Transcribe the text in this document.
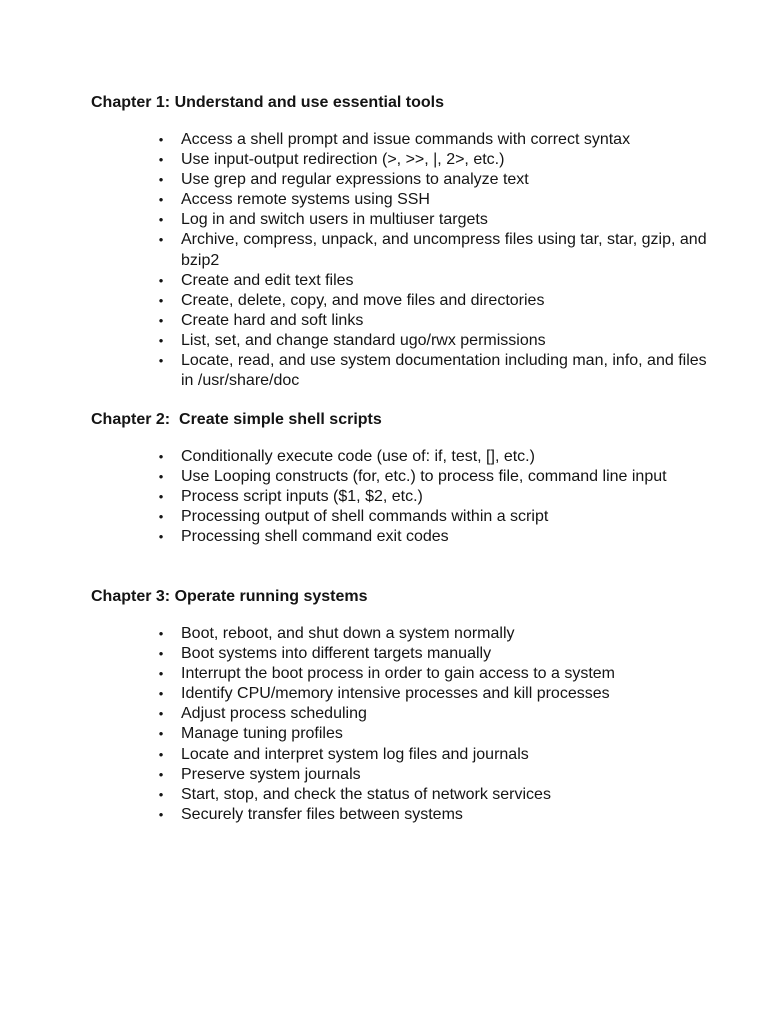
Chapter 1: Understand and use essential tools
• Access a shell prompt and issue commands with correct syntax
• Use input-output redirection (>, >>, |, 2>, etc.)
• Use grep and regular expressions to analyze text
• Access remote systems using SSH
• Log in and switch users in multiuser targets
• Archive, compress, unpack, and uncompress files using tar, star, gzip, and bzip2
• Create and edit text files
• Create, delete, copy, and move files and directories
• Create hard and soft links
• List, set, and change standard ugo/rwx permissions
• Locate, read, and use system documentation including man, info, and files in /usr/share/doc
Chapter 2:  Create simple shell scripts
• Conditionally execute code (use of: if, test, [], etc.)
• Use Looping constructs (for, etc.) to process file, command line input
• Process script inputs ($1, $2, etc.)
• Processing output of shell commands within a script
• Processing shell command exit codes
Chapter 3: Operate running systems
• Boot, reboot, and shut down a system normally
• Boot systems into different targets manually
• Interrupt the boot process in order to gain access to a system
• Identify CPU/memory intensive processes and kill processes
• Adjust process scheduling
• Manage tuning profiles
• Locate and interpret system log files and journals
• Preserve system journals
• Start, stop, and check the status of network services
• Securely transfer files between systems
